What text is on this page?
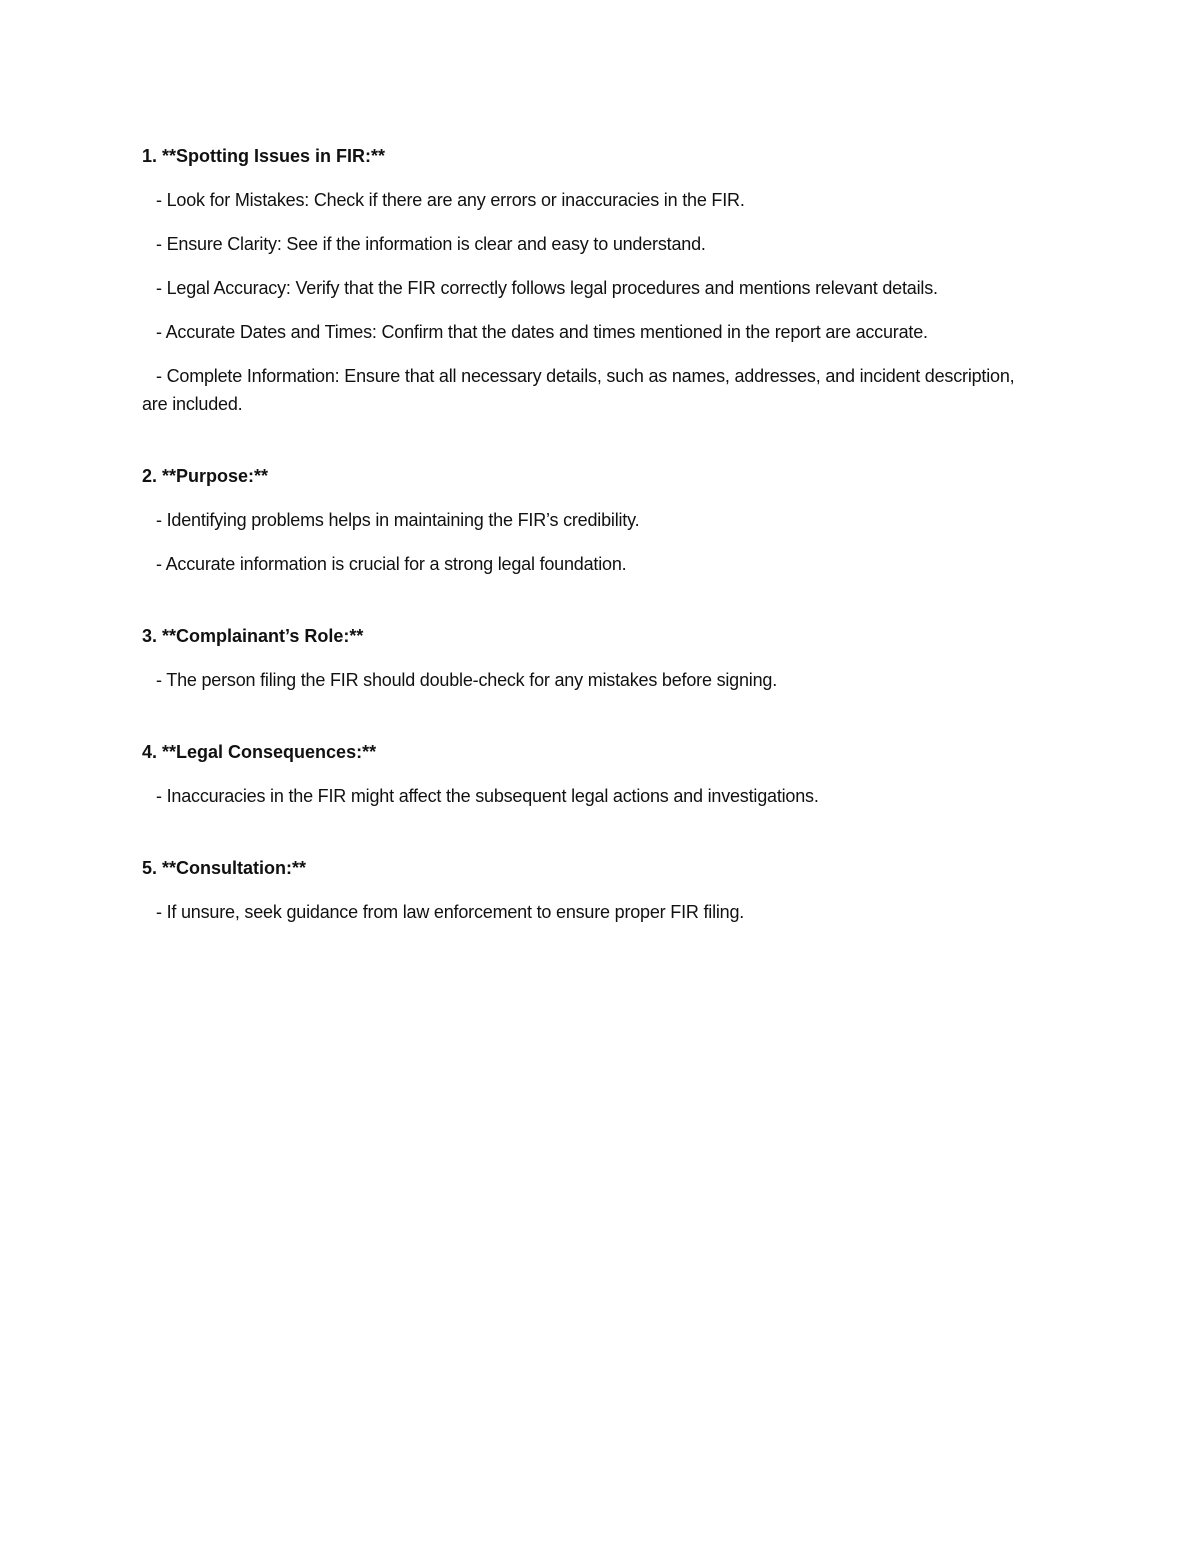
1. **Spotting Issues in FIR:**
- Look for Mistakes: Check if there are any errors or inaccuracies in the FIR.
- Ensure Clarity: See if the information is clear and easy to understand.
- Legal Accuracy: Verify that the FIR correctly follows legal procedures and mentions relevant details.
- Accurate Dates and Times: Confirm that the dates and times mentioned in the report are accurate.
- Complete Information: Ensure that all necessary details, such as names, addresses, and incident description, are included.
2. **Purpose:**
- Identifying problems helps in maintaining the FIR’s credibility.
- Accurate information is crucial for a strong legal foundation.
3. **Complainant’s Role:**
- The person filing the FIR should double-check for any mistakes before signing.
4. **Legal Consequences:**
- Inaccuracies in the FIR might affect the subsequent legal actions and investigations.
5. **Consultation:**
- If unsure, seek guidance from law enforcement to ensure proper FIR filing.
